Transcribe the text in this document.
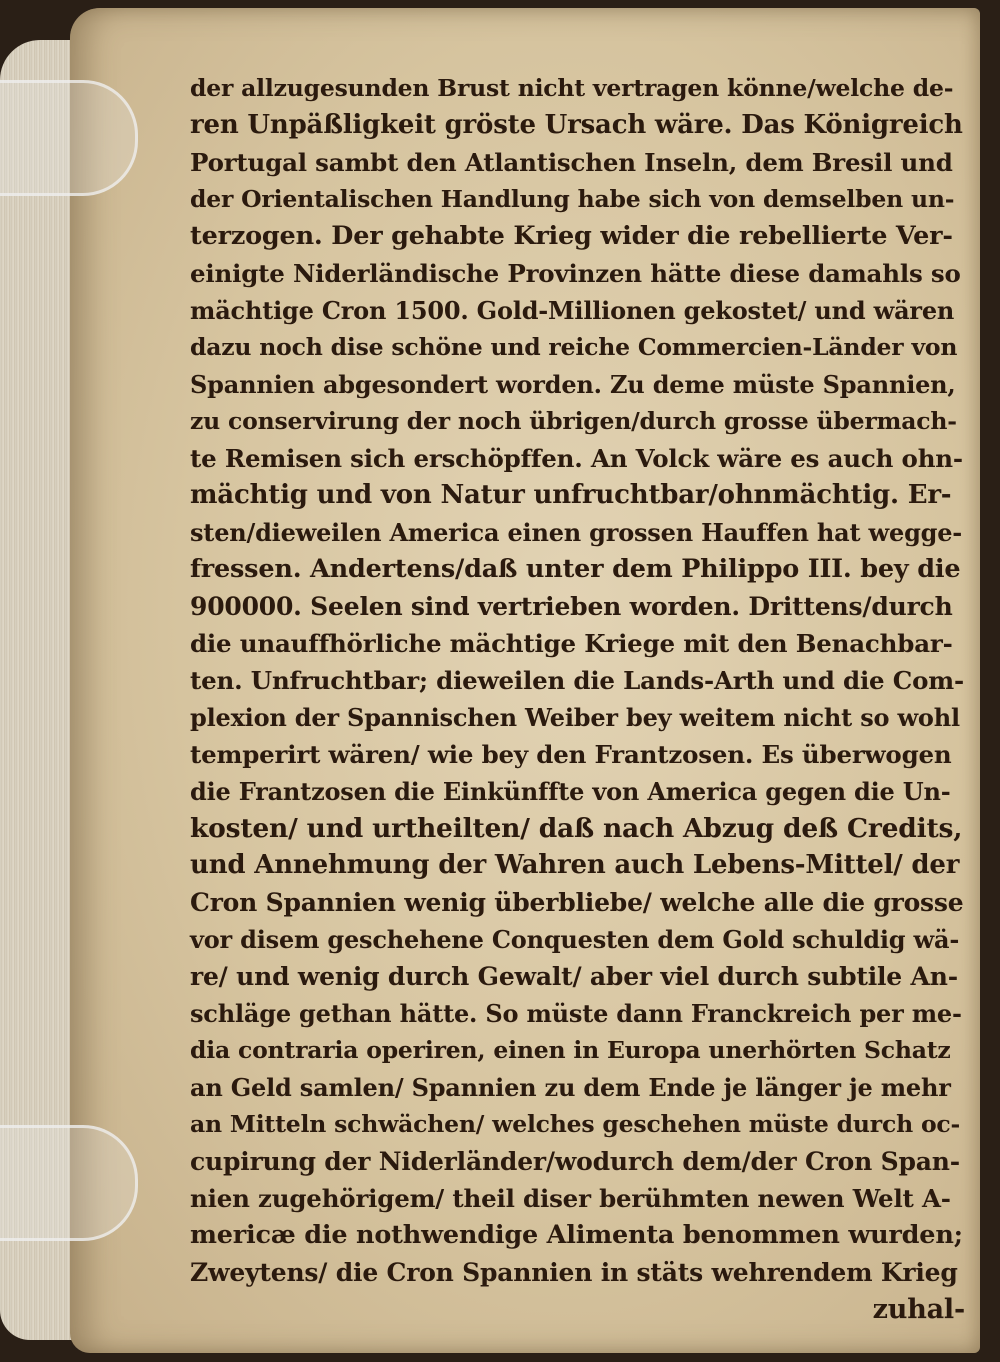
der allzugesunden Brust nicht vertragen könne/welche de-
ren Unpäßligkeit gröste Ursach wäre. Das Königreich
Portugal sambt den Atlantischen Inseln, dem Bresil und
der Orientalischen Handlung habe sich von demselben un-
terzogen. Der gehabte Krieg wider die rebellierte Ver-
einigte Niderländische Provinzen hätte diese damahls so
mächtige Cron 1500. Gold-Millionen gekostet/ und wären
dazu noch dise schöne und reiche Commercien-Länder von
Spannien abgesondert worden. Zu deme müste Spannien,
zu conservirung der noch übrigen/durch grosse übermach-
te Remisen sich erschöpffen. An Volck wäre es auch ohn-
mächtig und von Natur unfruchtbar/ohnmächtig. Er-
sten/dieweilen America einen grossen Hauffen hat wegge-
fressen. Andertens/daß unter dem Philippo III. bey die
900000. Seelen sind vertrieben worden. Drittens/durch
die unauffhörliche mächtige Kriege mit den Benachbar-
ten. Unfruchtbar; dieweilen die Lands-Arth und die Com-
plexion der Spannischen Weiber bey weitem nicht so wohl
temperirt wären/ wie bey den Frantzosen. Es überwogen
die Frantzosen die Einkünffte von America gegen die Un-
kosten/ und urtheilten/ daß nach Abzug deß Credits,
und Annehmung der Wahren auch Lebens-Mittel/ der
Cron Spannien wenig überbliebe/ welche alle die grosse
vor disem geschehene Conquesten dem Gold schuldig wä-
re/ und wenig durch Gewalt/ aber viel durch subtile An-
schläge gethan hätte. So müste dann Franckreich per me-
dia contraria operiren, einen in Europa unerhörten Schatz
an Geld samlen/ Spannien zu dem Ende je länger je mehr
an Mitteln schwächen/ welches geschehen müste durch oc-
cupirung der Niderländer/wodurch dem/der Cron Span-
nien zugehörigem/ theil diser berühmten newen Welt A-
mericæ die nothwendige Alimenta benommen wurden;
Zweytens/ die Cron Spannien in stäts wehrendem Krieg
zuhal-
